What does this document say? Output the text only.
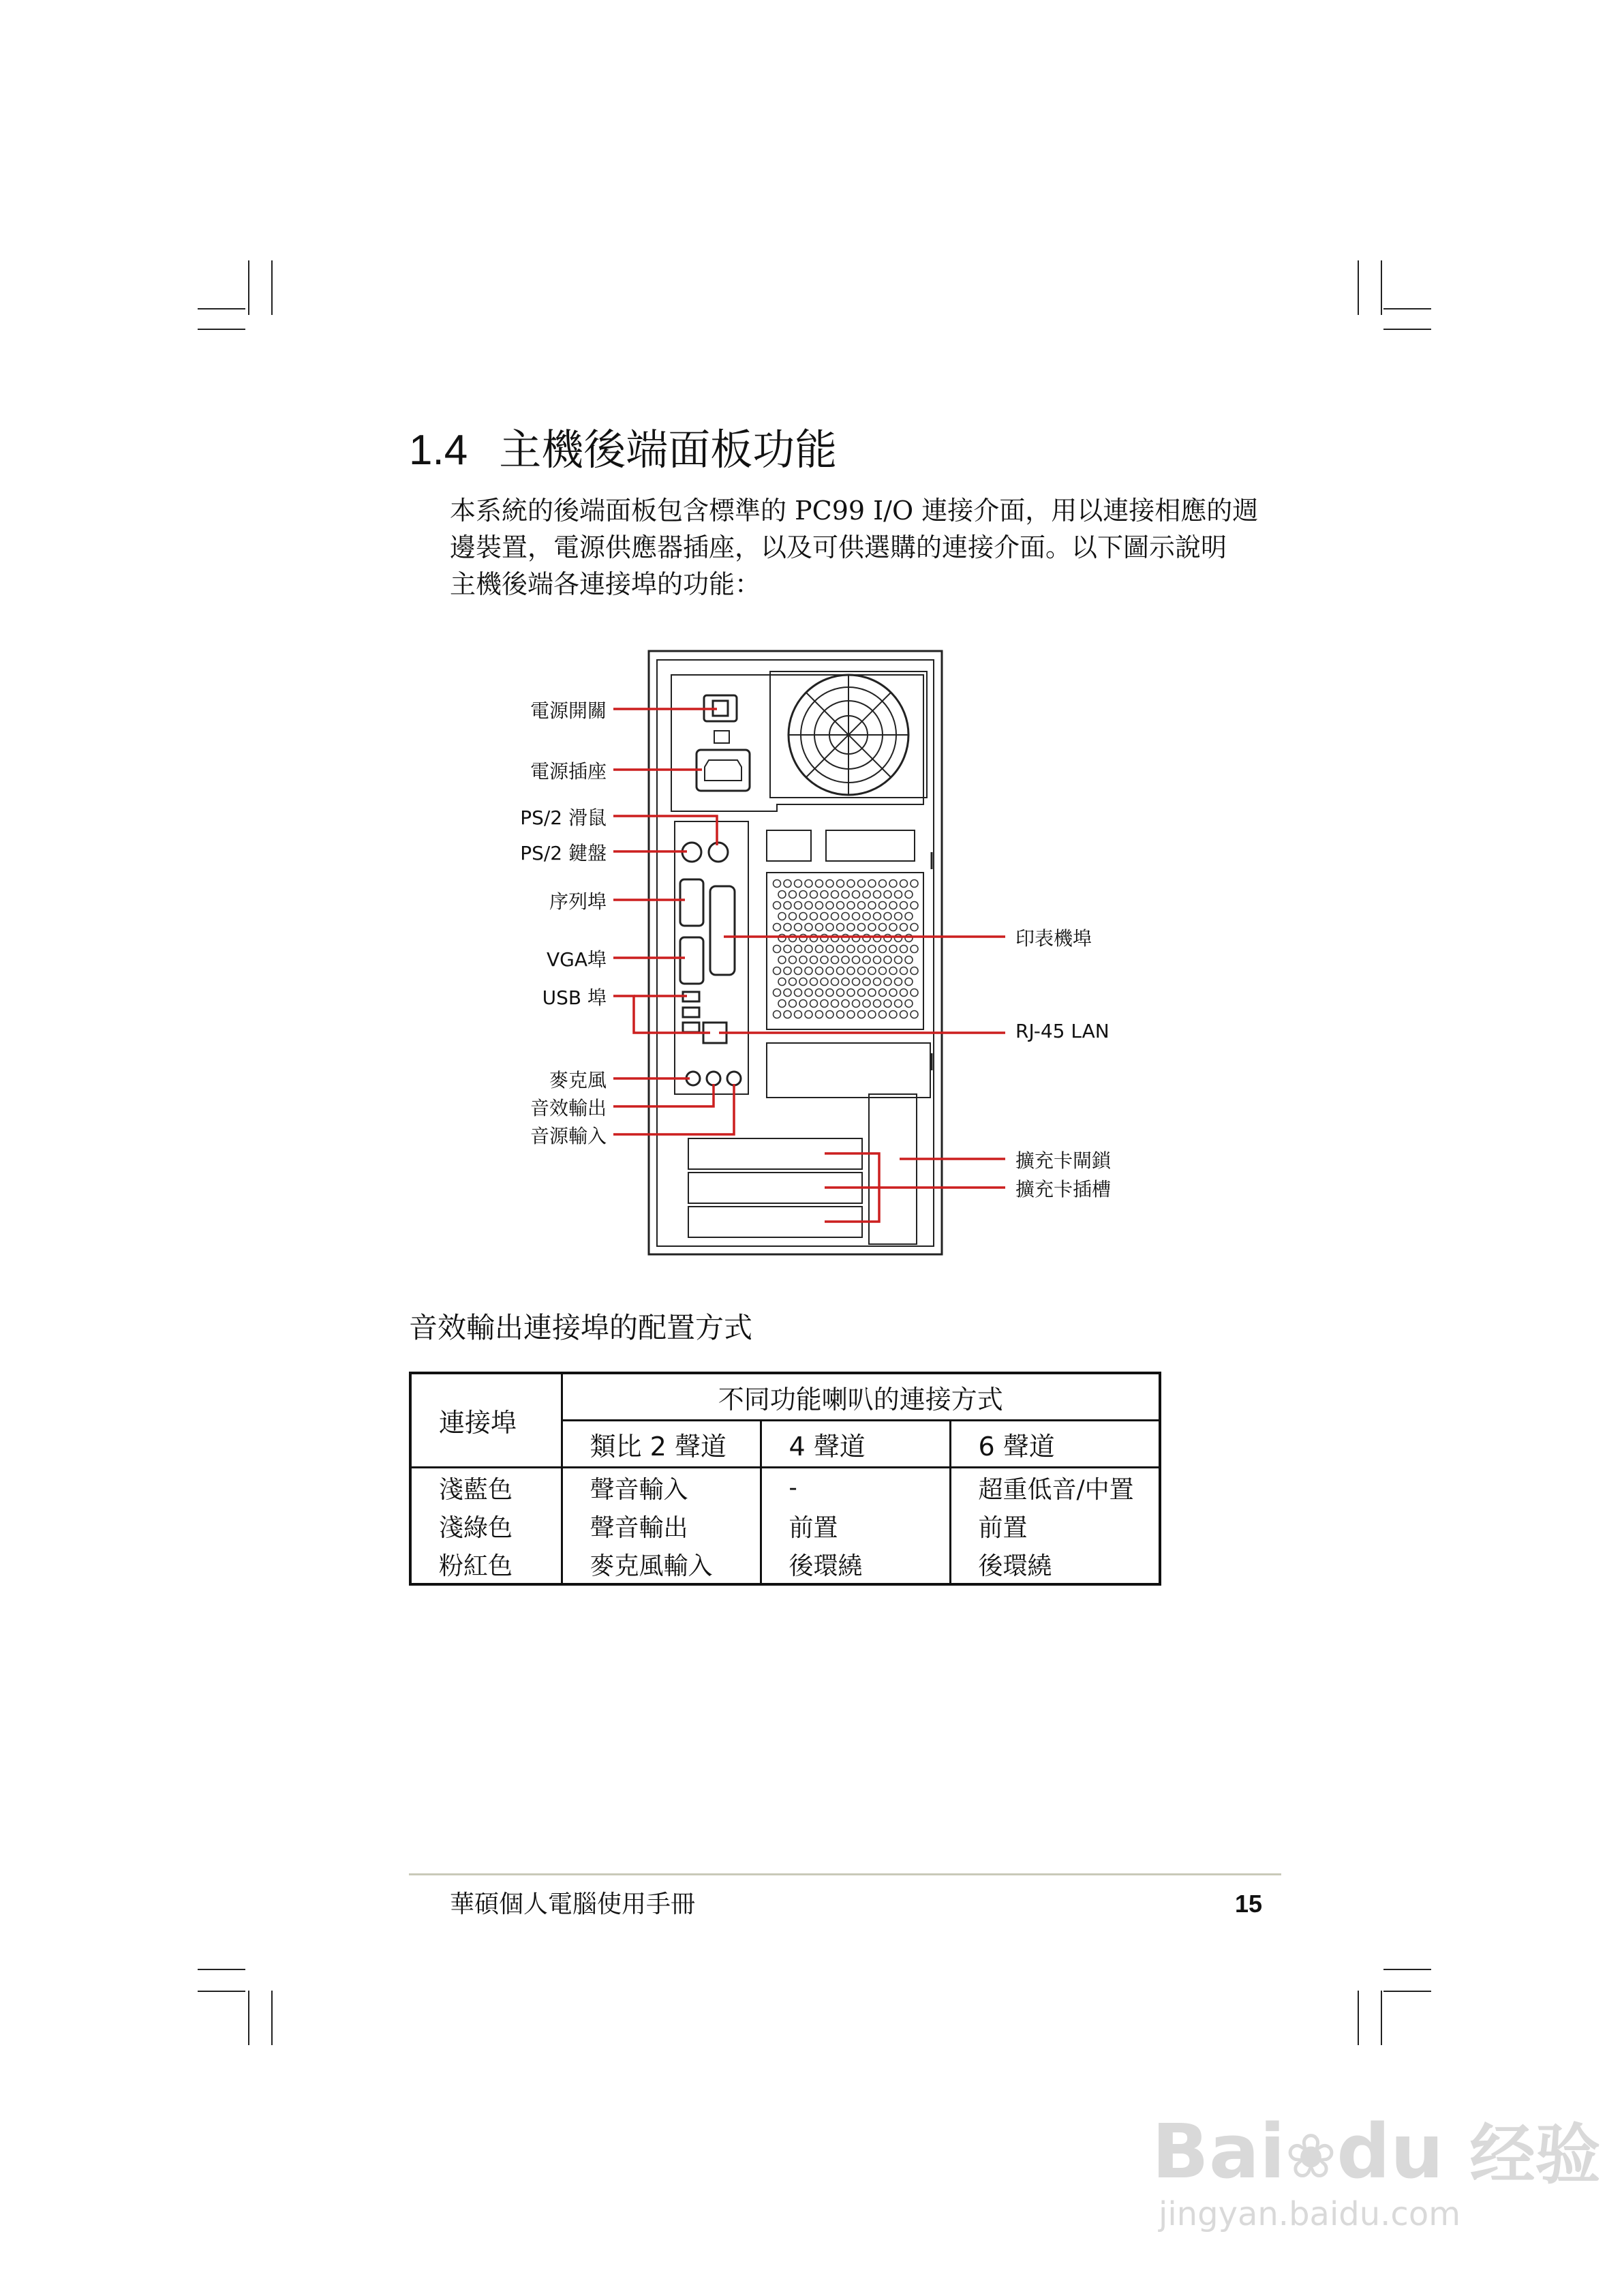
1.4 主機後端面板功能
本系統的後端面板包含標準的 PC99 I/O 連接介面，用以連接相應的週
邊裝置，電源供應器插座，以及可供選購的連接介面。以下圖示說明
主機後端各連接埠的功能：
電源開關
電源插座
PS/2 滑鼠
PS/2 鍵盤
序列埠
VGA埠
USB 埠
麥克風
音效輸出
音源輸入
印表機埠
RJ-45 LAN
擴充卡閘鎖
擴充卡插槽
音效輸出連接埠的配置方式
連接埠	不同功能喇叭的連接方式		
	類比 2 聲道	4 聲道	6 聲道
淺藍色	聲音輸入	-	超重低音/中置
淺綠色	聲音輸出	前置	前置
粉紅色	麥克風輸入	後環繞	後環繞
華碩個人電腦使用手冊	15
Bai❀du 经验
jingyan.baidu.com
